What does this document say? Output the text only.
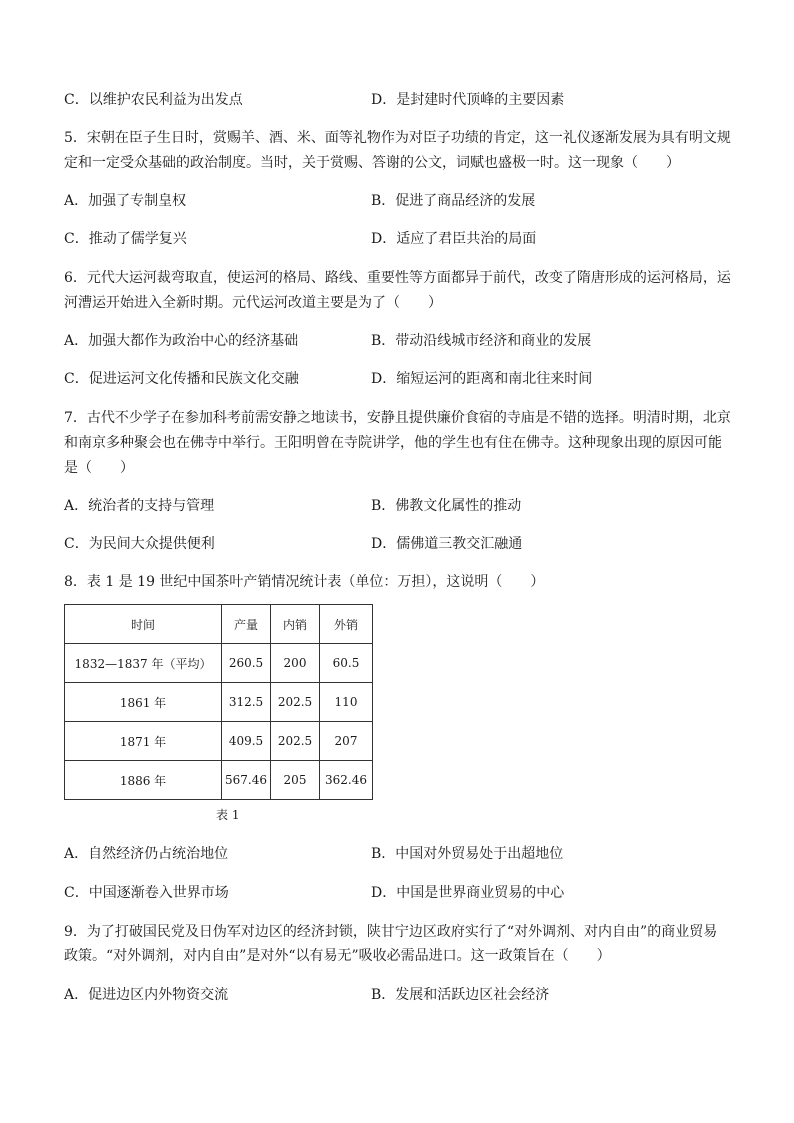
C．以维护农民利益为出发点	D．是封建时代顶峰的主要因素
5．宋朝在臣子生日时，赏赐羊、酒、米、面等礼物作为对臣子功绩的肯定，这一礼仪逐渐发展为具有明文规
定和一定受众基础的政治制度。当时，关于赏赐、答谢的公文，词赋也盛极一时。这一现象（　　）
A．加强了专制皇权	B．促进了商品经济的发展
C．推动了儒学复兴	D．适应了君臣共治的局面
6．元代大运河裁弯取直，使运河的格局、路线、重要性等方面都异于前代，改变了隋唐形成的运河格局，运
河漕运开始进入全新时期。元代运河改道主要是为了（　　）
A．加强大都作为政治中心的经济基础	B．带动沿线城市经济和商业的发展
C．促进运河文化传播和民族文化交融	D．缩短运河的距离和南北往来时间
7．古代不少学子在参加科考前需安静之地读书，安静且提供廉价食宿的寺庙是不错的选择。明清时期，北京
和南京多种聚会也在佛寺中举行。王阳明曾在寺院讲学，他的学生也有住在佛寺。这种现象出现的原因可能
是（　　）
A．统治者的支持与管理	B．佛教文化属性的推动
C．为民间大众提供便利	D．儒佛道三教交汇融通
8．表 1 是 19 世纪中国茶叶产销情况统计表（单位：万担），这说明（　　）
时间	产量	内销	外销
1832—1837 年（平均）	260.5	200	60.5
1861 年	312.5	202.5	110
1871 年	409.5	202.5	207
1886 年	567.46	205	362.46
表 1
A．自然经济仍占统治地位	B．中国对外贸易处于出超地位
C．中国逐渐卷入世界市场	D．中国是世界商业贸易的中心
9．为了打破国民党及日伪军对边区的经济封锁，陕甘宁边区政府实行了“对外调剂、对内自由”的商业贸易
政策。“对外调剂，对内自由”是对外“以有易无”吸收必需品进口。这一政策旨在（　　）
A．促进边区内外物资交流	B．发展和活跃边区社会经济
